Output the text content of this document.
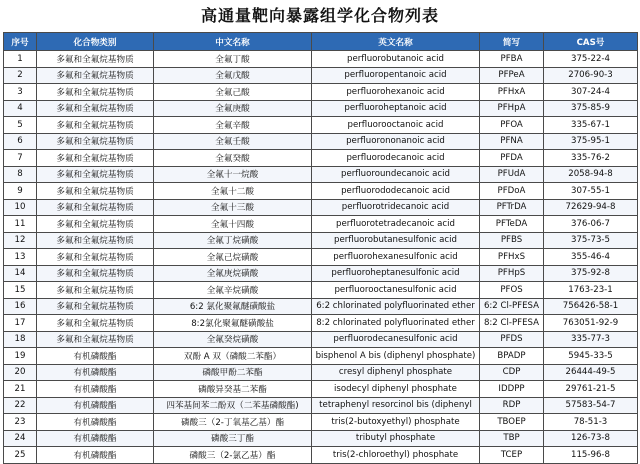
高通量靶向暴露组学化合物列表
序号	化合物类别	中文名称	英文名称	简写	CAS号
1	多氟和全氟烷基物质	全氟丁酸	perfluorobutanoic acid	PFBA	375-22-4
2	多氟和全氟烷基物质	全氟戊酸	perfluoropentanoic acid	PFPeA	2706-90-3
3	多氟和全氟烷基物质	全氟己酸	perfluorohexanoic acid	PFHxA	307-24-4
4	多氟和全氟烷基物质	全氟庚酸	perfluoroheptanoic acid	PFHpA	375-85-9
5	多氟和全氟烷基物质	全氟辛酸	perfluorooctanoic acid	PFOA	335-67-1
6	多氟和全氟烷基物质	全氟壬酸	perfluorononanoic acid	PFNA	375-95-1
7	多氟和全氟烷基物质	全氟癸酸	perfluorodecanoic acid	PFDA	335-76-2
8	多氟和全氟烷基物质	全氟十一烷酸	perfluoroundecanoic acid	PFUdA	2058-94-8
9	多氟和全氟烷基物质	全氟十二酸	perfluorododecanoic acid	PFDoA	307-55-1
10	多氟和全氟烷基物质	全氟十三酸	perfluorotridecanoic acid	PFTrDA	72629-94-8
11	多氟和全氟烷基物质	全氟十四酸	perfluorotetradecanoic acid	PFTeDA	376-06-7
12	多氟和全氟烷基物质	全氟丁烷磺酸	perfluorobutanesulfonic acid	PFBS	375-73-5
13	多氟和全氟烷基物质	全氟己烷磺酸	perfluorohexanesulfonic acid	PFHxS	355-46-4
14	多氟和全氟烷基物质	全氟庚烷磺酸	perfluoroheptanesulfonic acid	PFHpS	375-92-8
15	多氟和全氟烷基物质	全氟辛烷磺酸	perfluorooctanesulfonic acid	PFOS	1763-23-1
16	多氟和全氟烷基物质	6:2 氯化聚氟醚磺酸盐	6:2 chlorinated polyfluorinated ether	6:2 Cl-PFESA	756426-58-1
17	多氟和全氟烷基物质	8:2氯化聚氟醚磺酸盐	8:2 chlorinated polyfluorinated ether	8:2 Cl-PFESA	763051-92-9
18	多氟和全氟烷基物质	全氟癸烷磺酸	perfluorodecanesulfonic acid	PFDS	335-77-3
19	有机磷酸酯	双酚 A 双（磷酸二苯酯）	bisphenol A bis (diphenyl phosphate)	BPADP	5945-33-5
20	有机磷酸酯	磷酸甲酚二苯酯	cresyl diphenyl phosphate	CDP	26444-49-5
21	有机磷酸酯	磷酸异癸基二苯酯	isodecyl diphenyl phosphate	IDDPP	29761-21-5
22	有机磷酸酯	四苯基间苯二酚双（二苯基磷酸酯)	tetraphenyl resorcinol bis (diphenyl	RDP	57583-54-7
23	有机磷酸酯	磷酸三（2-丁氧基乙基）酯	tris(2-butoxyethyl) phosphate	TBOEP	78-51-3
24	有机磷酸酯	磷酸三丁酯	tributyl phosphate	TBP	126-73-8
25	有机磷酸酯	磷酸三（2-氯乙基）酯	tris(2-chloroethyl) phosphate	TCEP	115-96-8
